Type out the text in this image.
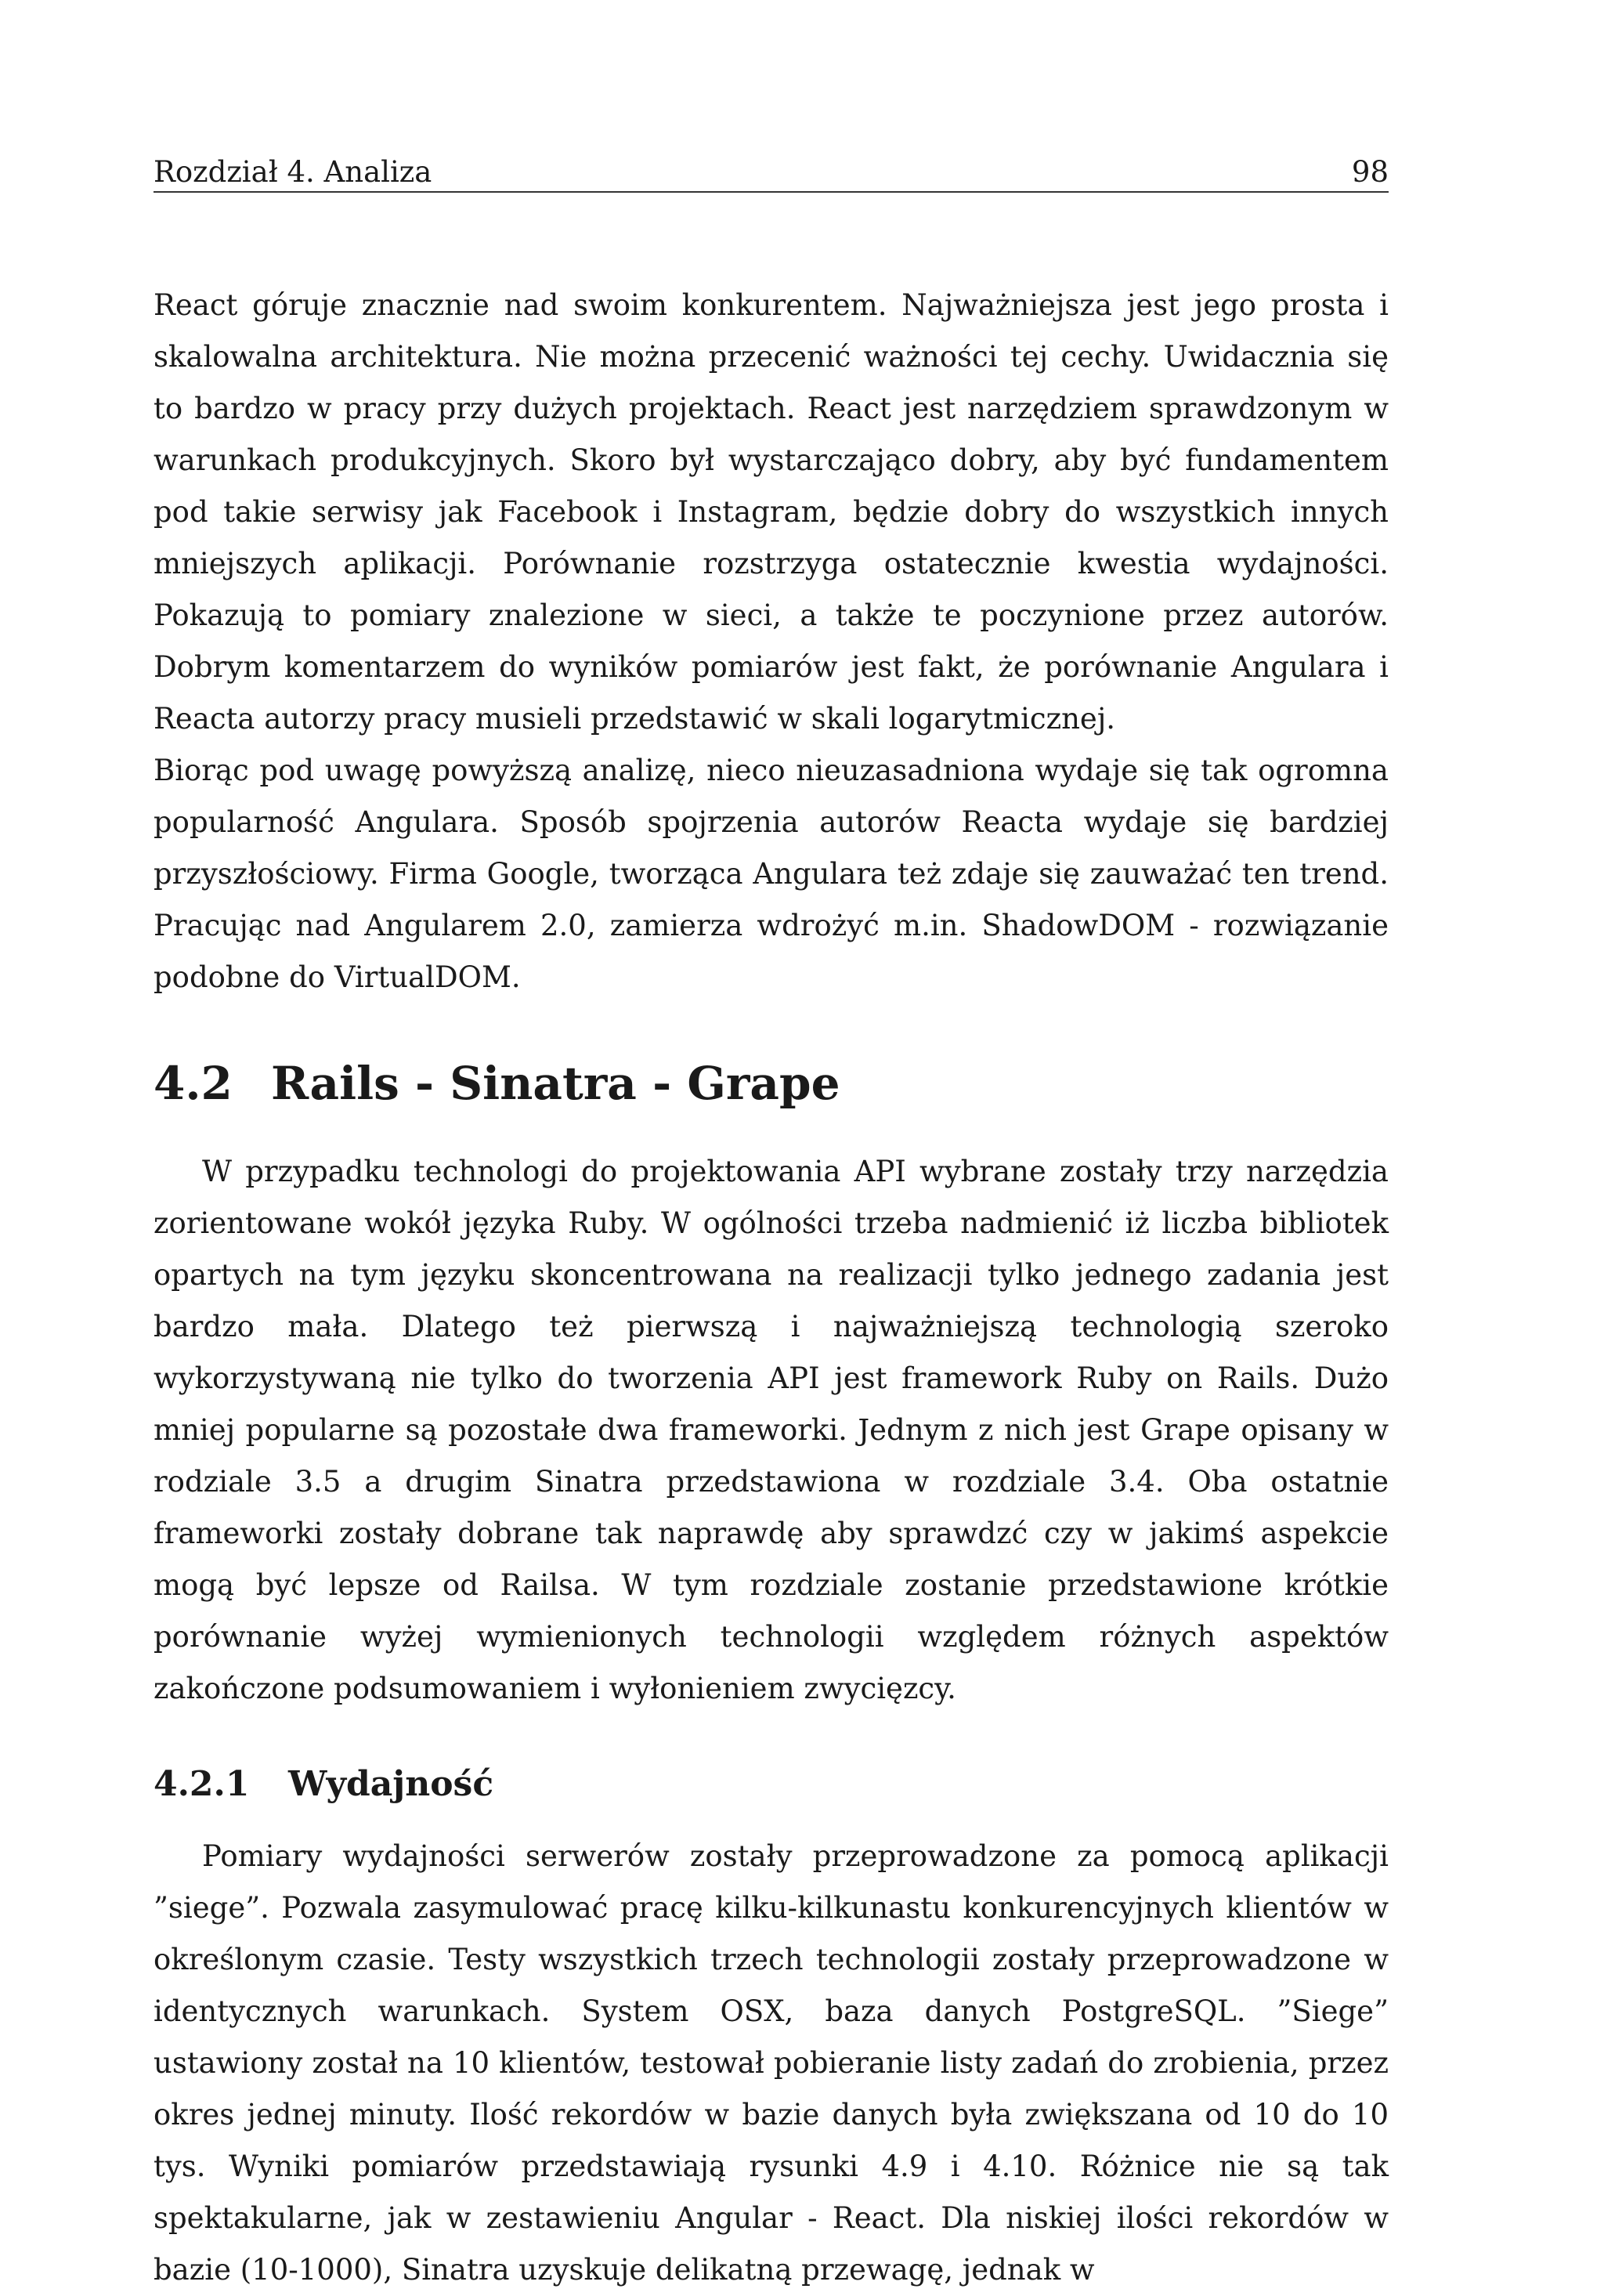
Rozdział 4. Analiza	98

React góruje znacznie nad swoim konkurentem. Najważniejsza jest jego prosta i skalowalna architektura. Nie można przecenić ważności tej cechy. Uwidacznia się to bardzo w pracy przy dużych projektach. React jest narzędziem sprawdzonym w warunkach produkcyjnych. Skoro był wystarczająco dobry, aby być fundamentem pod takie serwisy jak Facebook i Instagram, będzie dobry do wszystkich innych mniejszych aplikacji. Porównanie rozstrzyga ostatecznie kwestia wydajności. Pokazują to pomiary znalezione w sieci, a także te poczynione przez autorów. Dobrym komentarzem do wyników pomiarów jest fakt, że porównanie Angulara i Reacta autorzy pracy musieli przedstawić w skali logarytmicznej.

Biorąc pod uwagę powyższą analizę, nieco nieuzasadniona wydaje się tak ogromna popularność Angulara. Sposób spojrzenia autorów Reacta wydaje się bardziej przyszłościowy. Firma Google, tworząca Angulara też zdaje się zauważać ten trend. Pracując nad Angularem 2.0, zamierza wdrożyć m.in. ShadowDOM - rozwiązanie podobne do VirtualDOM.

4.2 Rails - Sinatra - Grape

W przypadku technologi do projektowania API wybrane zostały trzy narzędzia zorientowane wokół języka Ruby. W ogólności trzeba nadmienić iż liczba bibliotek opartych na tym języku skoncentrowana na realizacji tylko jednego zadania jest bardzo mała. Dlatego też pierwszą i najważniejszą technologią szeroko wykorzystywaną nie tylko do tworzenia API jest framework Ruby on Rails. Dużo mniej popularne są pozostałe dwa frameworki. Jednym z nich jest Grape opisany w rodziale 3.5 a drugim Sinatra przedstawiona w rozdziale 3.4. Oba ostatnie frameworki zostały dobrane tak naprawdę aby sprawdzć czy w jakimś aspekcie mogą być lepsze od Railsa. W tym rozdziale zostanie przedstawione krótkie porównanie wyżej wymienionych technologii względem różnych aspektów zakończone podsumowaniem i wyłonieniem zwycięzcy.

4.2.1 Wydajność

Pomiary wydajności serwerów zostały przeprowadzone za pomocą aplikacji ”siege”. Pozwala zasymulować pracę kilku-kilkunastu konkurencyjnych klientów w określonym czasie. Testy wszystkich trzech technologii zostały przeprowadzone w identycznych warunkach. System OSX, baza danych PostgreSQL. ”Siege” ustawiony został na 10 klientów, testował pobieranie listy zadań do zrobienia, przez okres jednej minuty. Ilość rekordów w bazie danych była zwiększana od 10 do 10 tys. Wyniki pomiarów przedstawiają rysunki 4.9 i 4.10. Różnice nie są tak spektakularne, jak w zestawieniu Angular - React. Dla niskiej ilości rekordów w bazie (10-1000), Sinatra uzyskuje delikatną przewagę, jednak w
